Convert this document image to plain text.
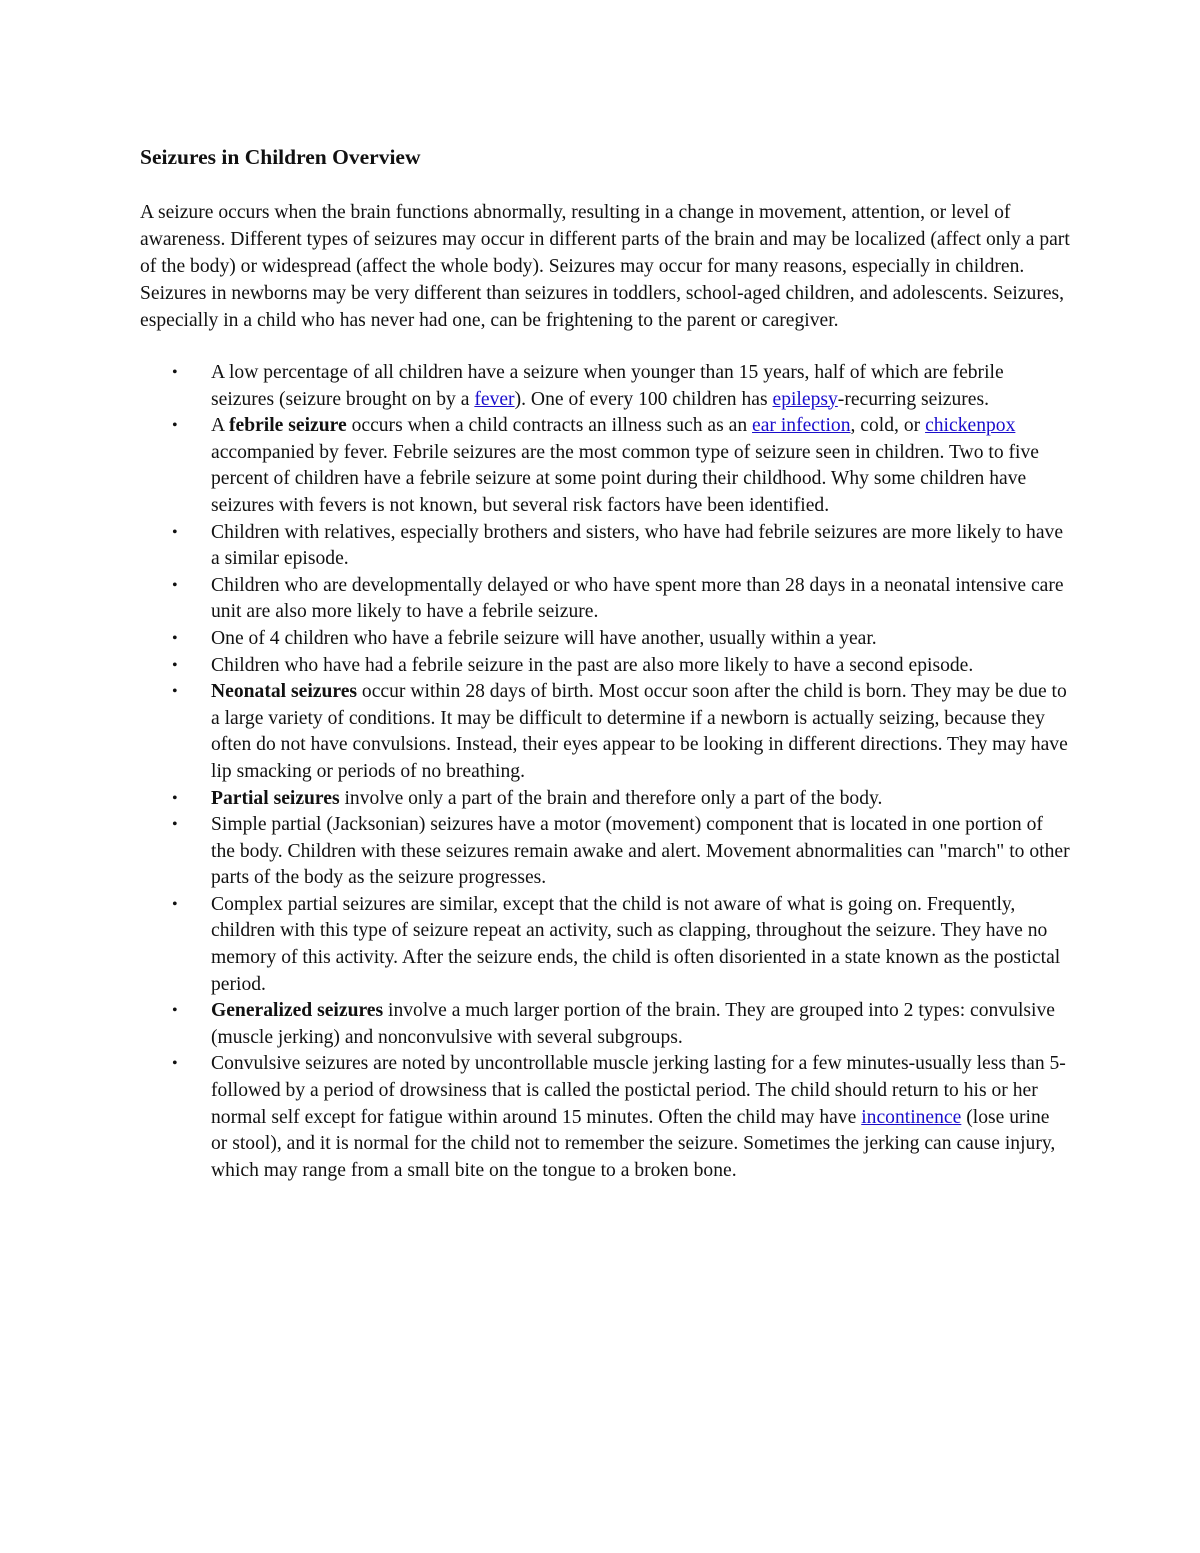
Seizures in Children Overview

A seizure occurs when the brain functions abnormally, resulting in a change in movement, attention, or level of awareness. Different types of seizures may occur in different parts of the brain and may be localized (affect only a part of the body) or widespread (affect the whole body). Seizures may occur for many reasons, especially in children. Seizures in newborns may be very different than seizures in toddlers, school-aged children, and adolescents. Seizures, especially in a child who has never had one, can be frightening to the parent or caregiver.

•	A low percentage of all children have a seizure when younger than 15 years, half of which are febrile seizures (seizure brought on by a fever). One of every 100 children has epilepsy-recurring seizures.
•	A febrile seizure occurs when a child contracts an illness such as an ear infection, cold, or chickenpox accompanied by fever. Febrile seizures are the most common type of seizure seen in children. Two to five percent of children have a febrile seizure at some point during their childhood. Why some children have seizures with fevers is not known, but several risk factors have been identified.
•	Children with relatives, especially brothers and sisters, who have had febrile seizures are more likely to have a similar episode.
•	Children who are developmentally delayed or who have spent more than 28 days in a neonatal intensive care unit are also more likely to have a febrile seizure.
•	One of 4 children who have a febrile seizure will have another, usually within a year.
•	Children who have had a febrile seizure in the past are also more likely to have a second episode.
•	Neonatal seizures occur within 28 days of birth. Most occur soon after the child is born. They may be due to a large variety of conditions. It may be difficult to determine if a newborn is actually seizing, because they often do not have convulsions. Instead, their eyes appear to be looking in different directions. They may have lip smacking or periods of no breathing.
•	Partial seizures involve only a part of the brain and therefore only a part of the body.
•	Simple partial (Jacksonian) seizures have a motor (movement) component that is located in one portion of the body. Children with these seizures remain awake and alert. Movement abnormalities can "march" to other parts of the body as the seizure progresses.
•	Complex partial seizures are similar, except that the child is not aware of what is going on. Frequently, children with this type of seizure repeat an activity, such as clapping, throughout the seizure. They have no memory of this activity. After the seizure ends, the child is often disoriented in a state known as the postictal period.
•	Generalized seizures involve a much larger portion of the brain. They are grouped into 2 types: convulsive (muscle jerking) and nonconvulsive with several subgroups.
•	Convulsive seizures are noted by uncontrollable muscle jerking lasting for a few minutes-usually less than 5-followed by a period of drowsiness that is called the postictal period. The child should return to his or her normal self except for fatigue within around 15 minutes. Often the child may have incontinence (lose urine or stool), and it is normal for the child not to remember the seizure. Sometimes the jerking can cause injury, which may range from a small bite on the tongue to a broken bone.
